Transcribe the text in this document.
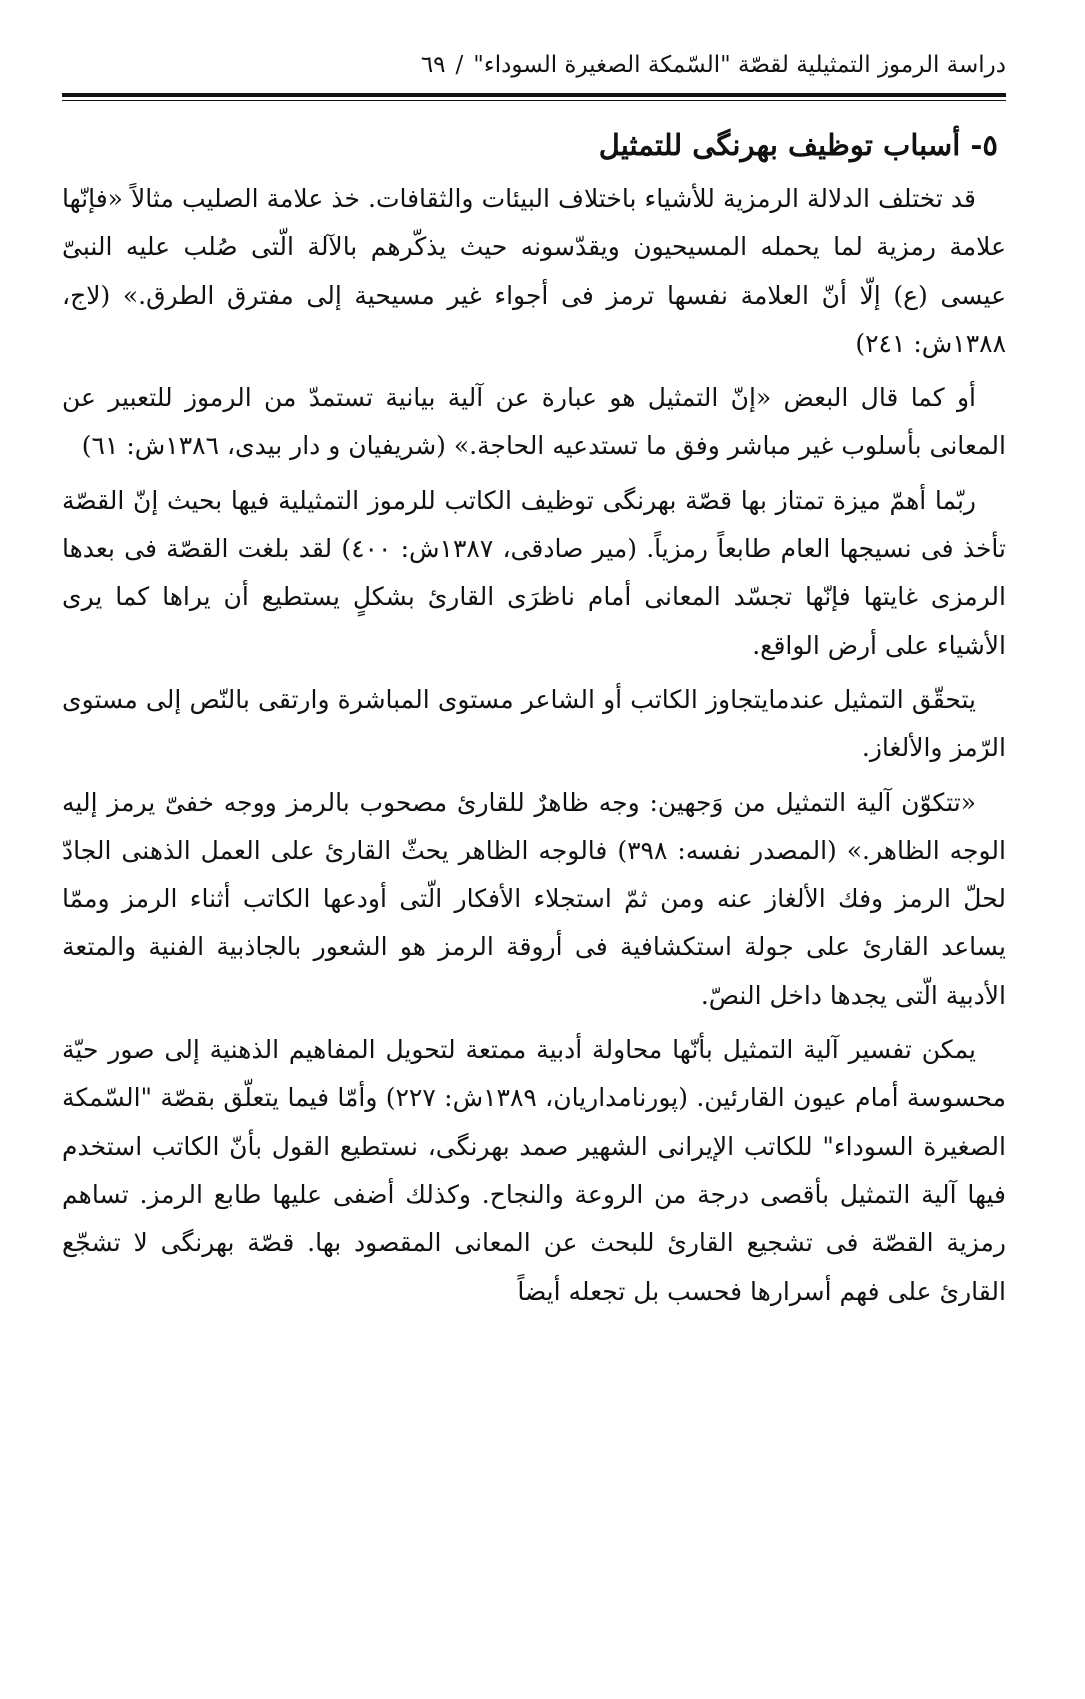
دراسة الرموز التمثيلية لقصّة "السّمكة الصغيرة السوداء"
/
٦٩
٥- أسباب توظيف بهرنگی للتمثيل

قد تختلف الدلالة الرمزية للأشياء باختلاف البيئات والثقافات. خذ علامة الصليب مثالاً «فإنّها علامة رمزية لما يحمله المسيحيون ويقدّسونه حيث يذكّرهم بالآلة الّتی صُلب عليه النبیّ عيسی (ع) إلّا أنّ العلامة نفسها ترمز فی أجواء غير مسيحية إلی مفترق الطرق.» (لاج، ١٣٨٨ش: ٢٤١)

أو كما قال البعض «إنّ التمثيل هو عبارة عن آلية بيانية تستمدّ من الرموز للتعبير عن المعانی بأسلوب غير مباشر وفق ما تستدعيه الحاجة.» (شريفيان و دار بيدی، ١٣٨٦ش: ٦١)

ربّما أهمّ ميزة تمتاز بها قصّة بهرنگی توظيف الكاتب للرموز التمثيلية فيها بحيث إنّ القصّة تأخذ فی نسيجها العام طابعاً رمزياً. (مير صادقی، ١٣٨٧ش: ٤٠٠) لقد بلغت القصّة فی بعدها الرمزی غايتها فإنّها تجسّد المعانی أمام ناظرَی القارئ بشكلٍ يستطيع أن يراها كما يری الأشياء علی أرض الواقع.

يتحقّق التمثيل عندمايتجاوز الكاتب أو الشاعر مستوی المباشرة وارتقی بالنّص إلی مستوی الرّمز والألغاز.

«تتكوّن آلية التمثيل من وَجهين: وجه ظاهرٌ للقارئ مصحوب بالرمز ووجه خفیّ يرمز إليه الوجه الظاهر.» (المصدر نفسه: ٣٩٨) فالوجه الظاهر يحثّ القارئ علی العمل الذهنی الجادّ لحلّ الرمز وفك الألغاز عنه ومن ثمّ استجلاء الأفكار الّتی أودعها الكاتب أثناء الرمز وممّا يساعد القارئ علی جولة استكشافية فی أروقة الرمز هو الشعور بالجاذبية الفنية والمتعة الأدبية الّتی يجدها داخل النصّ.

يمكن تفسير آلية التمثيل بأنّها محاولة أدبية ممتعة لتحويل المفاهيم الذهنية إلی صور حيّة محسوسة أمام عيون القارئين. (پورنامداريان، ١٣٨٩ش: ٢٢٧) وأمّا فيما يتعلّق بقصّة "السّمكة الصغيرة السوداء" للكاتب الإيرانی الشهير صمد بهرنگی، نستطيع القول بأنّ الكاتب استخدم فيها آلية التمثيل بأقصی درجة من الروعة والنجاح. وكذلك أضفی عليها طابع الرمز. تساهم رمزية القصّة فی تشجيع القارئ للبحث عن المعانی المقصود بها. قصّة بهرنگی لا تشجّع القارئ علی فهم أسرارها فحسب بل تجعله أيضاً
